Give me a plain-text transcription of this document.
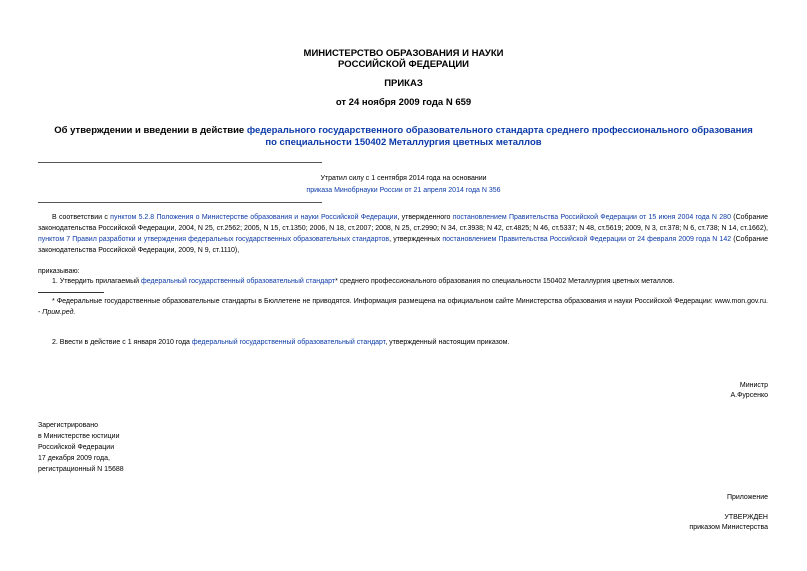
МИНИСТЕРСТВО ОБРАЗОВАНИЯ И НАУКИ
РОССИЙСКОЙ ФЕДЕРАЦИИ
ПРИКАЗ
от 24 ноября 2009 года N 659
Об утверждении и введении в действие федерального государственного образовательного стандарта среднего профессионального образования по специальности 150402 Металлургия цветных металлов
Утратил силу с 1 сентября 2014 года на основании
приказа Минобрнауки России от 21 апреля 2014 года N 356
В соответствии с пунктом 5.2.8 Положения о Министерстве образования и науки Российской Федерации, утвержденного постановлением Правительства Российской Федерации от 15 июня 2004 года N 280 (Собрание законодательства Российской Федерации, 2004, N 25, ст.2562; 2005, N 15, ст.1350; 2006, N 18, ст.2007; 2008, N 25, ст.2990; N 34, ст.3938; N 42, ст.4825; N 46, ст.5337; N 48, ст.5619; 2009, N 3, ст.378; N 6, ст.738; N 14, ст.1662), пунктом 7 Правил разработки и утверждения федеральных государственных образовательных стандартов, утвержденных постановлением Правительства Российской Федерации от 24 февраля 2009 года N 142 (Собрание законодательства Российской Федерации, 2009, N 9, ст.1110),
приказываю:
1. Утвердить прилагаемый федеральный государственный образовательный стандарт* среднего профессионального образования по специальности 150402 Металлургия цветных металлов.
* Федеральные государственные образовательные стандарты в Бюллетене не приводятся. Информация размещена на официальном сайте Министерства образования и науки Российской Федерации: www.mon.gov.ru. - Прим.ред.
2. Ввести в действие с 1 января 2010 года федеральный государственный образовательный стандарт, утвержденный настоящим приказом.
Министр
А.Фурсенко
Зарегистрировано
в Министерстве юстиции
Российской Федерации
17 декабря 2009 года,
регистрационный N 15688
Приложение
УТВЕРЖДЕН
приказом Министерства
